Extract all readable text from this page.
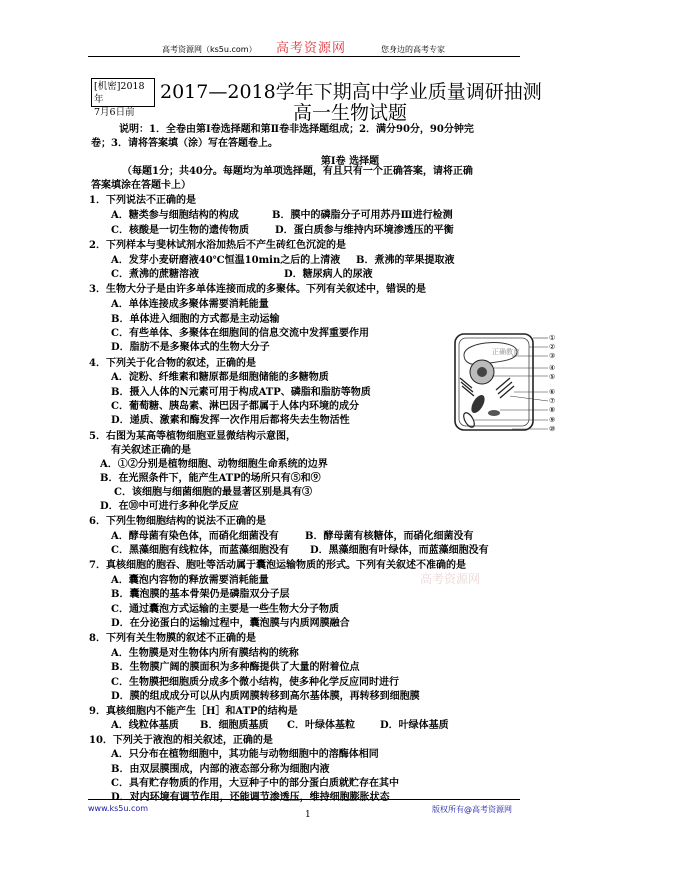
高考资源网（ks5u.com） 高考资源网	您身边的高考专家
[机密]2018年
7月6日前
2017—2018学年下期高中学业质量调研抽测
高一生物试题
说明：1．全卷由第Ⅰ卷选择题和第Ⅱ卷非选择题组成；2．满分90分，90分钟完
卷；3．请将答案填（涂）写在答题卷上。
第Ⅰ卷 选择题
（每题1分；共40分。每题均为单项选择题，有且只有一个正确答案，请将正确
答案填涂在答题卡上）
1．下列说法不正确的是
A．糖类参与细胞结构的构成	B．膜中的磷脂分子可用苏丹Ⅲ进行检测
C．核酸是一切生物的遗传物质	D．蛋白质参与维持内环境渗透压的平衡
2．下列样本与斐林试剂水浴加热后不产生砖红色沉淀的是
A．发芽小麦研磨液40℃恒温10min之后的上清液 B．煮沸的苹果提取液
C．煮沸的蔗糖溶液	D．糖尿病人的尿液
3．生物大分子是由许多单体连接而成的多聚体。下列有关叙述中，错误的是
A．单体连接成多聚体需要消耗能量
B．单体进入细胞的方式都是主动运输
C．有些单体、多聚体在细胞间的信息交流中发挥重要作用
D．脂肪不是多聚体式的生物大分子
4．下列关于化合物的叙述，正确的是
A．淀粉、纤维素和糖原都是细胞储能的多糖物质
B．摄入人体的N元素可用于构成ATP、磷脂和脂肪等物质
C．葡萄糖、胰岛素、淋巴因子都属于人体内环境的成分
D．递质、激素和酶发挥一次作用后都将失去生物活性
5．右图为某高等植物细胞亚显微结构示意图，
有关叙述正确的是
A．①②分别是植物细胞、动物细胞生命系统的边界
B．在光照条件下，能产生ATP的场所只有⑤和⑨
C．该细胞与细菌细胞的最显著区别是具有③
D．在⑩中可进行多种化学反应
正确教育
①
②
③
④
⑤
⑥
⑦
⑧
⑨
⑩
6．下列生物细胞结构的说法不正确的是
A．酵母菌有染色体，而硝化细菌没有	B．酵母菌有核糖体，而硝化细菌没有
C．黑藻细胞有线粒体，而蓝藻细胞没有 D．黑藻细胞有叶绿体，而蓝藻细胞没有
7．真核细胞的胞吞、胞吐等活动属于囊泡运输物质的形式。下列有关叙述不准确的是
A．囊泡内容物的释放需要消耗能量	高考资源网
B．囊泡膜的基本骨架仍是磷脂双分子层
C．通过囊泡方式运输的主要是一些生物大分子物质
D．在分泌蛋白的运输过程中，囊泡膜与内质网膜融合
8．下列有关生物膜的叙述不正确的是
A．生物膜是对生物体内所有膜结构的统称
B．生物膜广阔的膜面积为多种酶提供了大量的附着位点
C．生物膜把细胞质分成多个微小结构，使多种化学反应同时进行
D．膜的组成成分可以从内质网膜转移到高尔基体膜，再转移到细胞膜
9．真核细胞内不能产生［H］和ATP的结构是
A．线粒体基质 B．细胞质基质 C．叶绿体基粒	D．叶绿体基质
10．下列关于液泡的相关叙述，正确的是
A．只分布在植物细胞中，其功能与动物细胞中的溶酶体相同
B．由双层膜围成，内部的液态部分称为细胞内液
C．具有贮存物质的作用，大豆种子中的部分蛋白质就贮存在其中
D．对内环境有调节作用，还能调节渗透压，维持细胞膨胀状态
www.ks5u.com
1
版权所有@高考资源网
